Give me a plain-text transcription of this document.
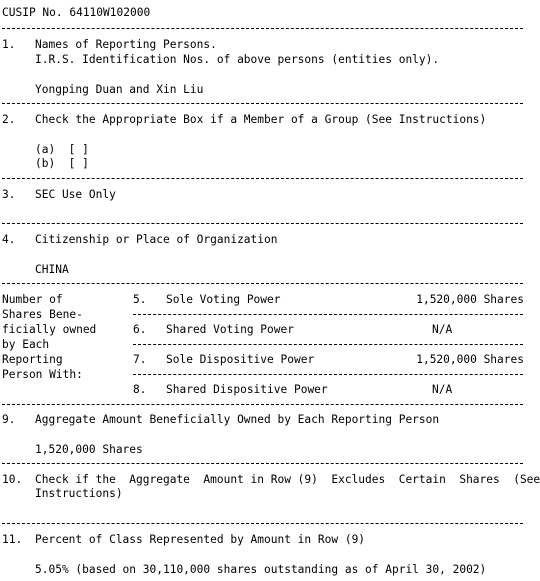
CUSIP No. 64110W102000
1. Names of Reporting Persons.
I.R.S. Identification Nos. of above persons (entities only).
Yongping Duan and Xin Liu
2. Check the Appropriate Box if a Member of a Group (See Instructions)
(a)  [ ]
(b)  [ ]
3. SEC Use Only
4. Citizenship or Place of Organization
CHINA
Number of
Shares Bene-
ficially owned
by Each
Reporting
Person With:
5. Sole Voting Power	1,520,000 Shares
6. Shared Voting Power	N/A
7. Sole Dispositive Power	1,520,000 Shares
8. Shared Dispositive Power	N/A
9. Aggregate Amount Beneficially Owned by Each Reporting Person
1,520,000 Shares
10. Check if the  Aggregate  Amount in Row (9)  Excludes  Certain  Shares  (See
Instructions)
11. Percent of Class Represented by Amount in Row (9)
5.05% (based on 30,110,000 shares outstanding as of April 30, 2002)
